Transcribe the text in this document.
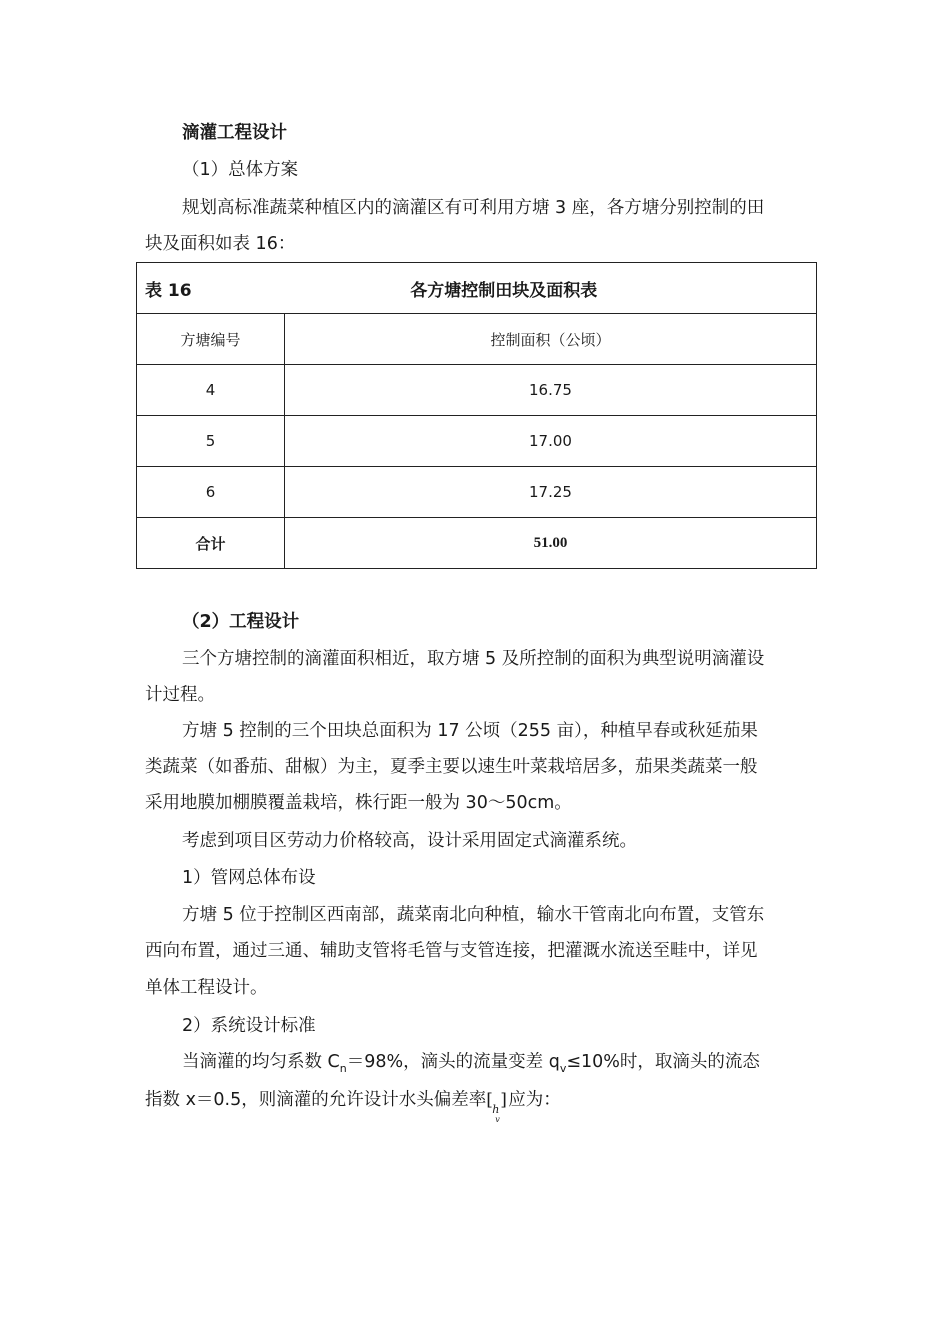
滴灌工程设计
（1）总体方案
规划高标准蔬菜种植区内的滴灌区有可利用方塘 3 座，各方塘分别控制的田
块及面积如表 16：
表 16 各方塘控制田块及面积表	
方塘编号	控制面积（公顷）
4	16.75
5	17.00
6	17.25
合计	51.00
（2）工程设计
三个方塘控制的滴灌面积相近，取方塘 5 及所控制的面积为典型说明滴灌设
计过程。
方塘 5 控制的三个田块总面积为 17 公顷（255 亩），种植早春或秋延茄果
类蔬菜（如番茄、甜椒）为主，夏季主要以速生叶菜栽培居多，茄果类蔬菜一般
采用地膜加棚膜覆盖栽培，株行距一般为 30～50cm。
考虑到项目区劳动力价格较高，设计采用固定式滴灌系统。
1）管网总体布设
方塘 5 位于控制区西南部，蔬菜南北向种植，输水干管南北向布置，支管东
西向布置，通过三通、辅助支管将毛管与支管连接，把灌溉水流送至畦中，详见
单体工程设计。
2）系统设计标准
当滴灌的均匀系数 $C_n=98\%$，滴头的流量变差 $q_v\le 10\%$时，取滴头的流态
指数 x＝0.5，则滴灌的允许设计水头偏差率 [ h
v
] 应为：
